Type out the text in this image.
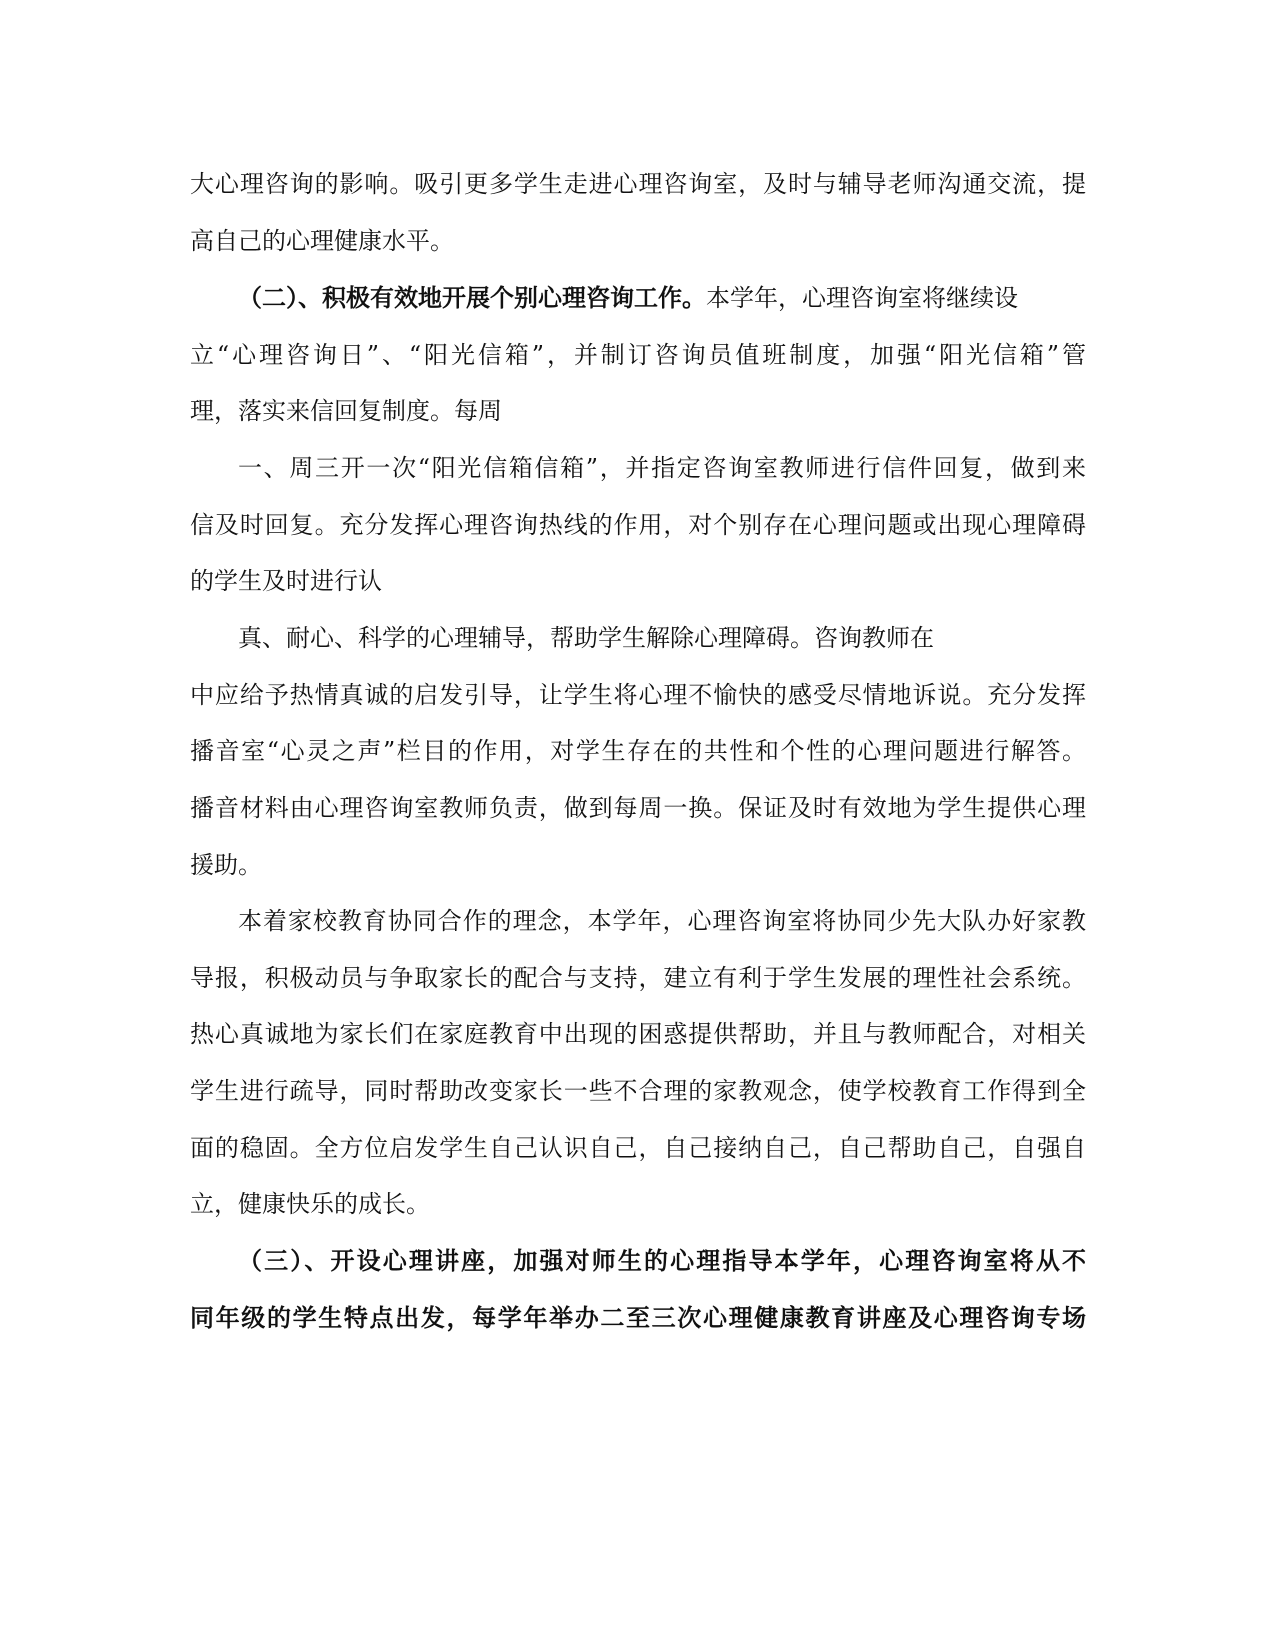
大心理咨询的影响。吸引更多学生走进心理咨询室，及时与辅导老师沟通交流，提
高自己的心理健康水平。
（二）、积极有效地开展个别心理咨询工作。本学年，心理咨询室将继续设
立“心理咨询日”、“阳光信箱”，并制订咨询员值班制度，加强“阳光信箱”管
理，落实来信回复制度。每周
一、周三开一次“阳光信箱信箱”，并指定咨询室教师进行信件回复，做到来
信及时回复。充分发挥心理咨询热线的作用，对个别存在心理问题或出现心理障碍
的学生及时进行认
真、耐心、科学的心理辅导，帮助学生解除心理障碍。咨询教师在
中应给予热情真诚的启发引导，让学生将心理不愉快的感受尽情地诉说。充分发挥
播音室“心灵之声”栏目的作用，对学生存在的共性和个性的心理问题进行解答。
播音材料由心理咨询室教师负责，做到每周一换。保证及时有效地为学生提供心理
援助。
本着家校教育协同合作的理念，本学年，心理咨询室将协同少先大队办好家教
导报，积极动员与争取家长的配合与支持，建立有利于学生发展的理性社会系统。
热心真诚地为家长们在家庭教育中出现的困惑提供帮助，并且与教师配合，对相关
学生进行疏导，同时帮助改变家长一些不合理的家教观念，使学校教育工作得到全
面的稳固。全方位启发学生自己认识自己，自己接纳自己，自己帮助自己，自强自
立，健康快乐的成长。
（三）、开设心理讲座，加强对师生的心理指导本学年，心理咨询室将从不
同年级的学生特点出发，每学年举办二至三次心理健康教育讲座及心理咨询专场
